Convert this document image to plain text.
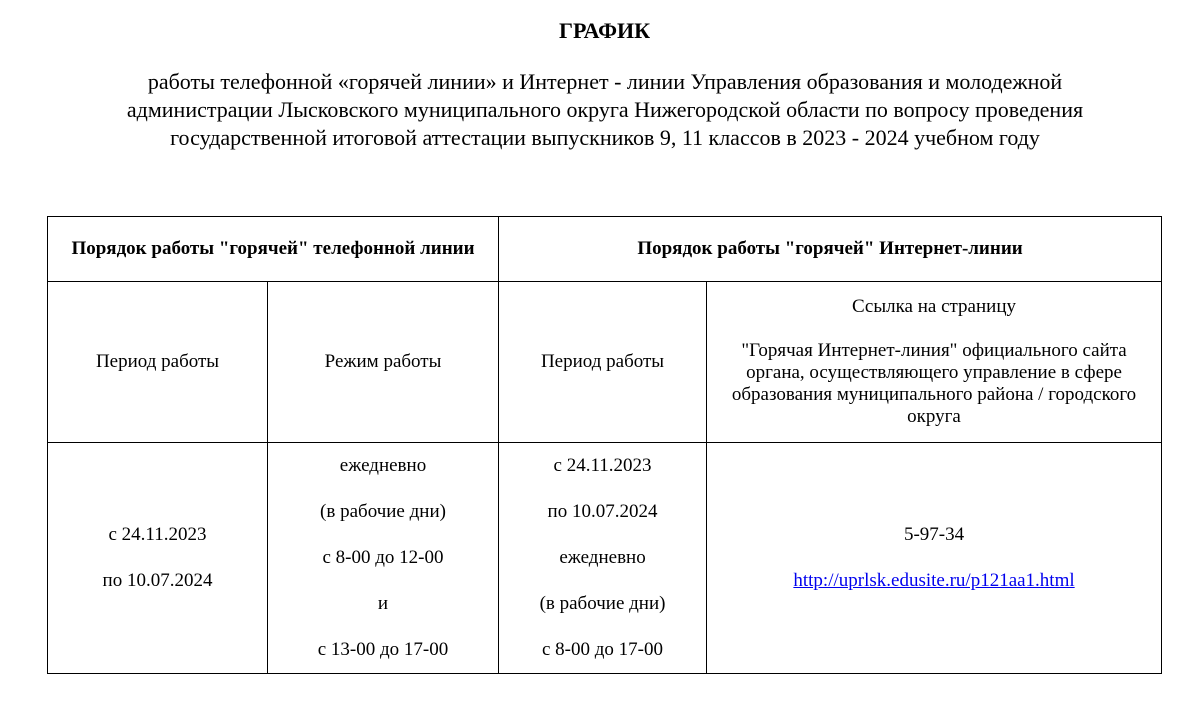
ГРАФИК
работы телефонной «горячей линии» и Интернет - линии Управления образования и молодежной
администрации Лысковского муниципального округа Нижегородской области по вопросу проведения
государственной итоговой аттестации выпускников 9, 11 классов в 2023 - 2024 учебном году
Порядок работы "горячей" телефонной линии		Порядок работы "горячей" Интернет-линии	
Период работы	Режим работы	Период работы	Ссылка на страницу

"Горячая Интернет-линия" официального сайта органа, осуществляющего управление в сфере образования муниципального района / городского округа

с 24.11.2023
по 10.07.2024	ежедневно
(в рабочие дни)
с 8-00 до 12-00
и
с 13-00 до 17-00	с 24.11.2023
по 10.07.2024
ежедневно
(в рабочие дни)
с 8-00 до 17-00	5-97-34
http://uprlsk.edusite.ru/p121aa1.html
